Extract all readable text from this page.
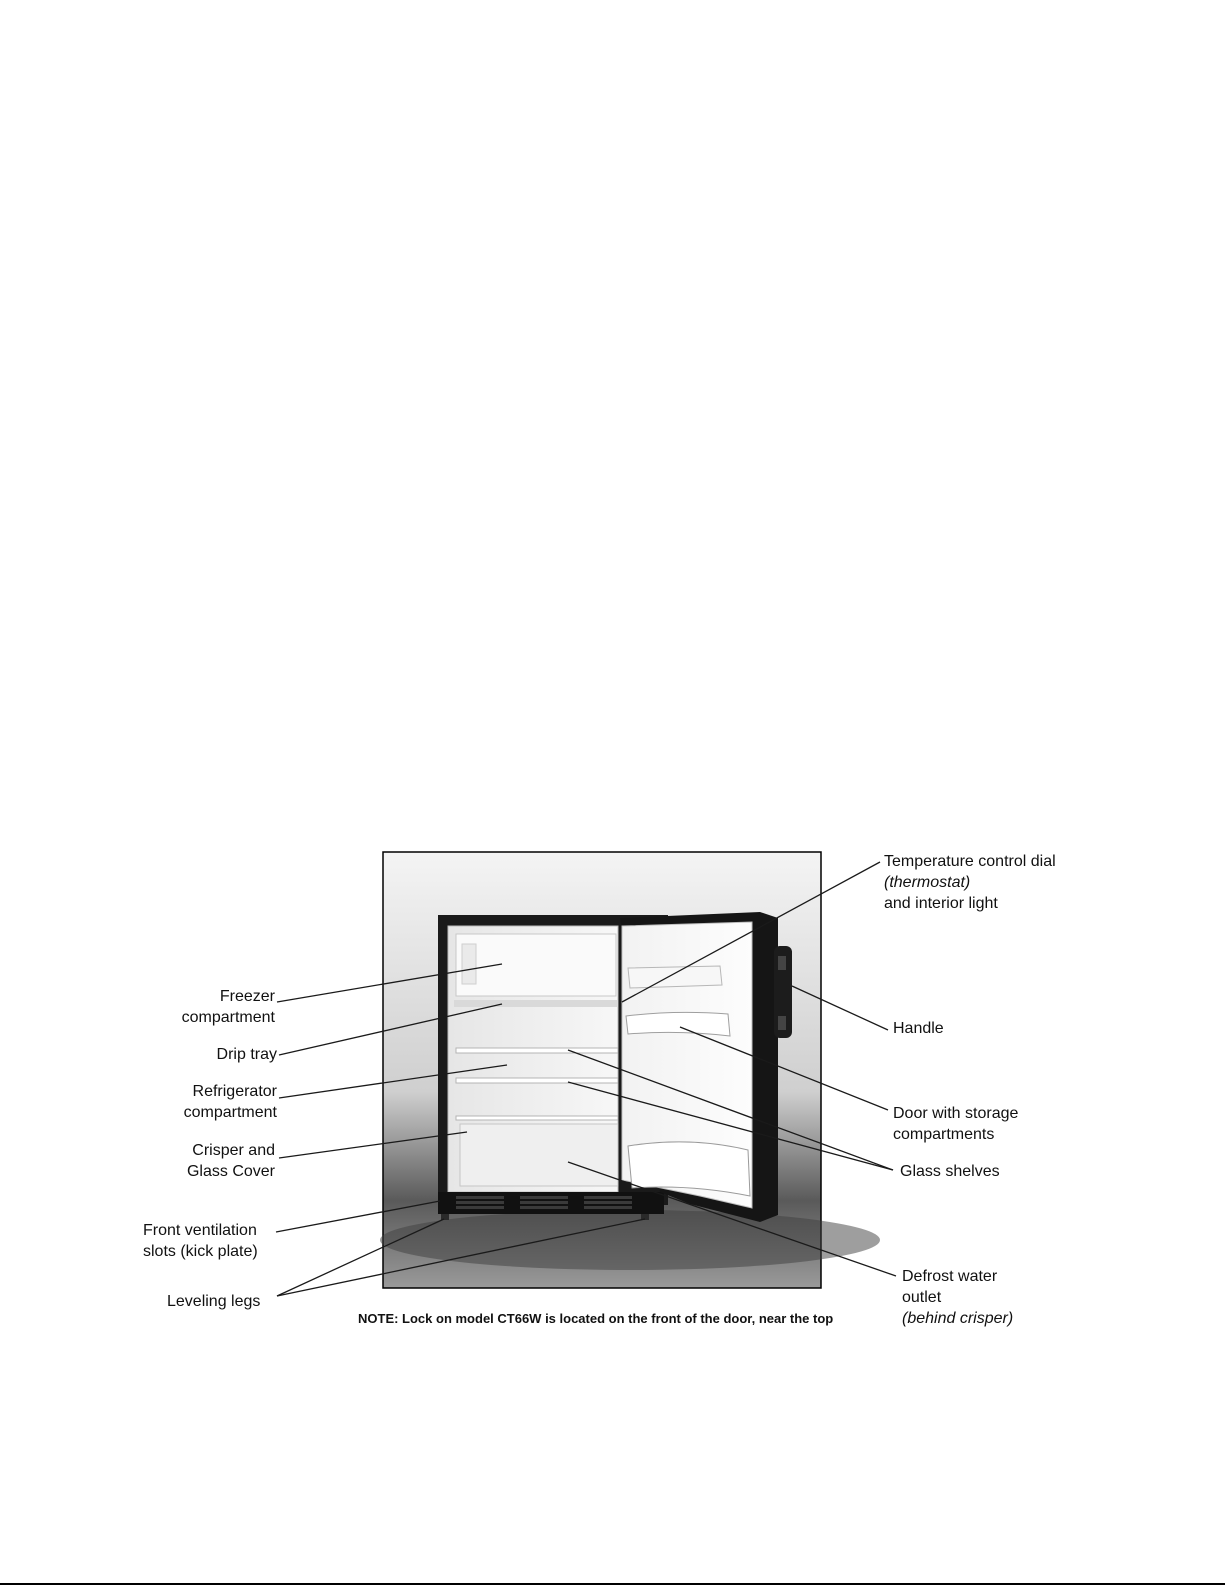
Freezer
compartment
Drip tray
Refrigerator
compartment
Crisper and
Glass Cover
Front ventilation
slots (kick plate)
Leveling legs
Temperature control dial
(thermostat)
and interior light
Handle
Door with storage
compartments
Glass shelves
Defrost water
outlet
(behind crisper)
NOTE: Lock on model CT66W is located on the front of the door, near the top
